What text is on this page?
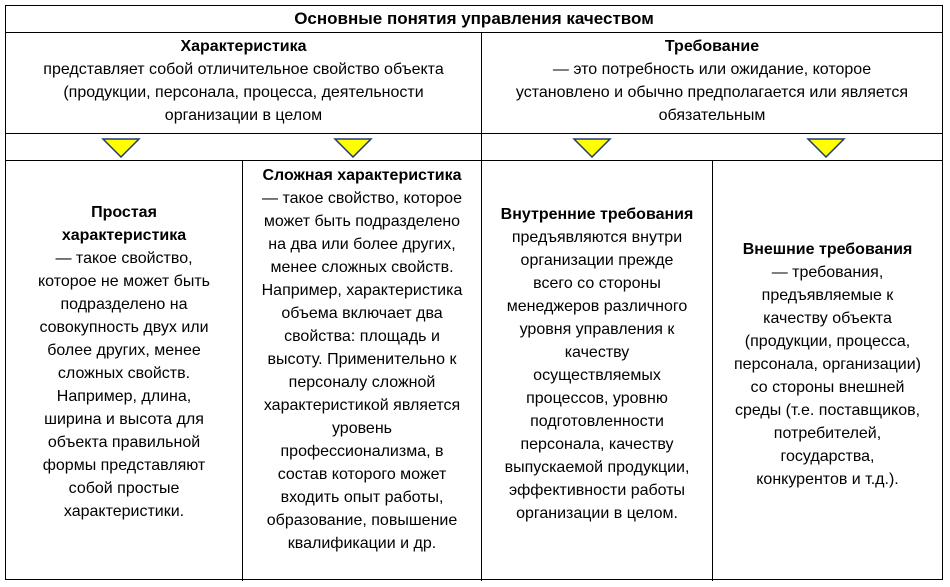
Основные понятия управления качеством
Характеристика
представляет собой отличительное свойство объекта
(продукции, персонала, процесса, деятельности
организации в целом
Требование
— это потребность или ожидание, которое
установлено и обычно предполагается или является
обязательным
Простая
характеристика
— такое свойство,
которое не может быть
подразделено на
совокупность двух или
более других, менее
сложных свойств.
Например, длина,
ширина и высота для
объекта правильной
формы представляют
собой простые
характеристики.
Сложная характеристика
— такое свойство, которое
может быть подразделено
на два или более других,
менее сложных свойств.
Например, характеристика
объема включает два
свойства: площадь и
высоту. Применительно к
персоналу сложной
характеристикой является
уровень
профессионализма, в
состав которого может
входить опыт работы,
образование, повышение
квалификации и др.
Внутренние требования
предъявляются внутри
организации прежде
всего со стороны
менеджеров различного
уровня управления к
качеству
осуществляемых
процессов, уровню
подготовленности
персонала, качеству
выпускаемой продукции,
эффективности работы
организации в целом.
Внешние требования
— требования,
предъявляемые к
качеству объекта
(продукции, процесса,
персонала, организации)
со стороны внешней
среды (т.е. поставщиков,
потребителей,
государства,
конкурентов и т.д.).
